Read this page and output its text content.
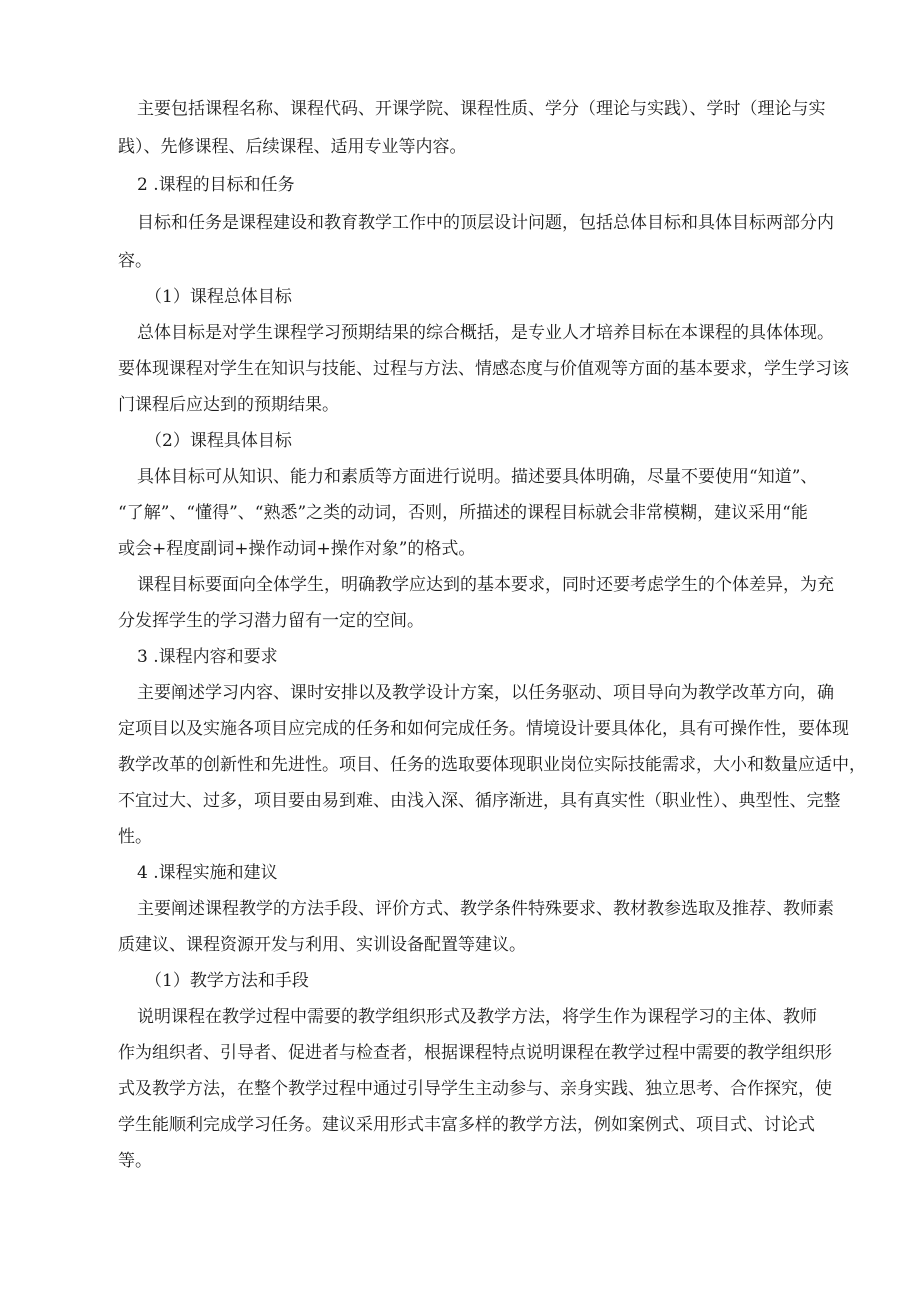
主要包括课程名称、课程代码、开课学院、课程性质、学分（理论与实践）、学时（理论与实
践）、先修课程、后续课程、适用专业等内容。
2 .课程的目标和任务
目标和任务是课程建设和教育教学工作中的顶层设计问题，包括总体目标和具体目标两部分内
容。
（1）课程总体目标
总体目标是对学生课程学习预期结果的综合概括，是专业人才培养目标在本课程的具体体现。
要体现课程对学生在知识与技能、过程与方法、情感态度与价值观等方面的基本要求，学生学习该
门课程后应达到的预期结果。
（2）课程具体目标
具体目标可从知识、能力和素质等方面进行说明。描述要具体明确，尽量不要使用“知道”、
“了解”、“懂得”、“熟悉”之类的动词，否则，所描述的课程目标就会非常模糊，建议采用“能
或会+程度副词+操作动词+操作对象”的格式。
课程目标要面向全体学生，明确教学应达到的基本要求，同时还要考虑学生的个体差异，为充
分发挥学生的学习潜力留有一定的空间。
3 .课程内容和要求
主要阐述学习内容、课时安排以及教学设计方案，以任务驱动、项目导向为教学改革方向，确
定项目以及实施各项目应完成的任务和如何完成任务。情境设计要具体化，具有可操作性，要体现
教学改革的创新性和先进性。项目、任务的选取要体现职业岗位实际技能需求，大小和数量应适中，
不宜过大、过多，项目要由易到难、由浅入深、循序渐进，具有真实性（职业性）、典型性、完整
性。
4 .课程实施和建议
主要阐述课程教学的方法手段、评价方式、教学条件特殊要求、教材教参选取及推荐、教师素
质建议、课程资源开发与利用、实训设备配置等建议。
（1）教学方法和手段
说明课程在教学过程中需要的教学组织形式及教学方法，将学生作为课程学习的主体、教师
作为组织者、引导者、促进者与检查者，根据课程特点说明课程在教学过程中需要的教学组织形
式及教学方法，在整个教学过程中通过引导学生主动参与、亲身实践、独立思考、合作探究，使
学生能顺利完成学习任务。建议采用形式丰富多样的教学方法，例如案例式、项目式、讨论式
等。
